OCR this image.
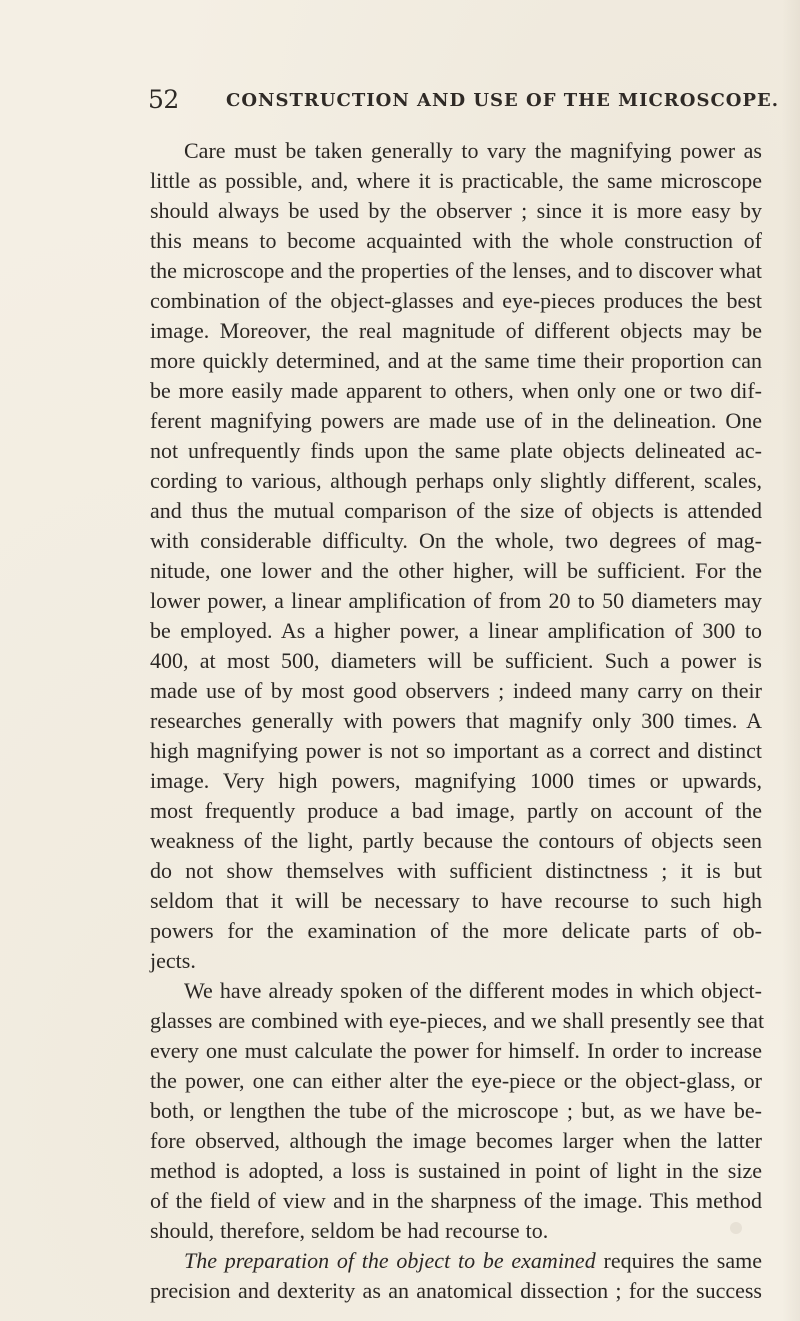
52	CONSTRUCTION AND USE OF THE MICROSCOPE.
Care must be taken generally to vary the magnifying power as
little as possible, and, where it is practicable, the same microscope
should always be used by the observer ; since it is more easy by
this means to become acquainted with the whole construction of
the microscope and the properties of the lenses, and to discover what
combination of the object-glasses and eye-pieces produces the best
image. Moreover, the real magnitude of different objects may be
more quickly determined, and at the same time their proportion can
be more easily made apparent to others, when only one or two dif-
ferent magnifying powers are made use of in the delineation. One
not unfrequently finds upon the same plate objects delineated ac-
cording to various, although perhaps only slightly different, scales,
and thus the mutual comparison of the size of objects is attended
with considerable difficulty. On the whole, two degrees of mag-
nitude, one lower and the other higher, will be sufficient. For the
lower power, a linear amplification of from 20 to 50 diameters may
be employed. As a higher power, a linear amplification of 300 to
400, at most 500, diameters will be sufficient. Such a power is
made use of by most good observers ; indeed many carry on their
researches generally with powers that magnify only 300 times. A
high magnifying power is not so important as a correct and distinct
image. Very high powers, magnifying 1000 times or upwards,
most frequently produce a bad image, partly on account of the
weakness of the light, partly because the contours of objects seen
do not show themselves with sufficient distinctness ; it is but
seldom that it will be necessary to have recourse to such high
powers for the examination of the more delicate parts of ob-
jects.
We have already spoken of the different modes in which object-
glasses are combined with eye-pieces, and we shall presently see that
every one must calculate the power for himself. In order to increase
the power, one can either alter the eye-piece or the object-glass, or
both, or lengthen the tube of the microscope ; but, as we have be-
fore observed, although the image becomes larger when the latter
method is adopted, a loss is sustained in point of light in the size
of the field of view and in the sharpness of the image. This method
should, therefore, seldom be had recourse to.
The preparation of the object to be examined requires the same
precision and dexterity as an anatomical dissection ; for the success
